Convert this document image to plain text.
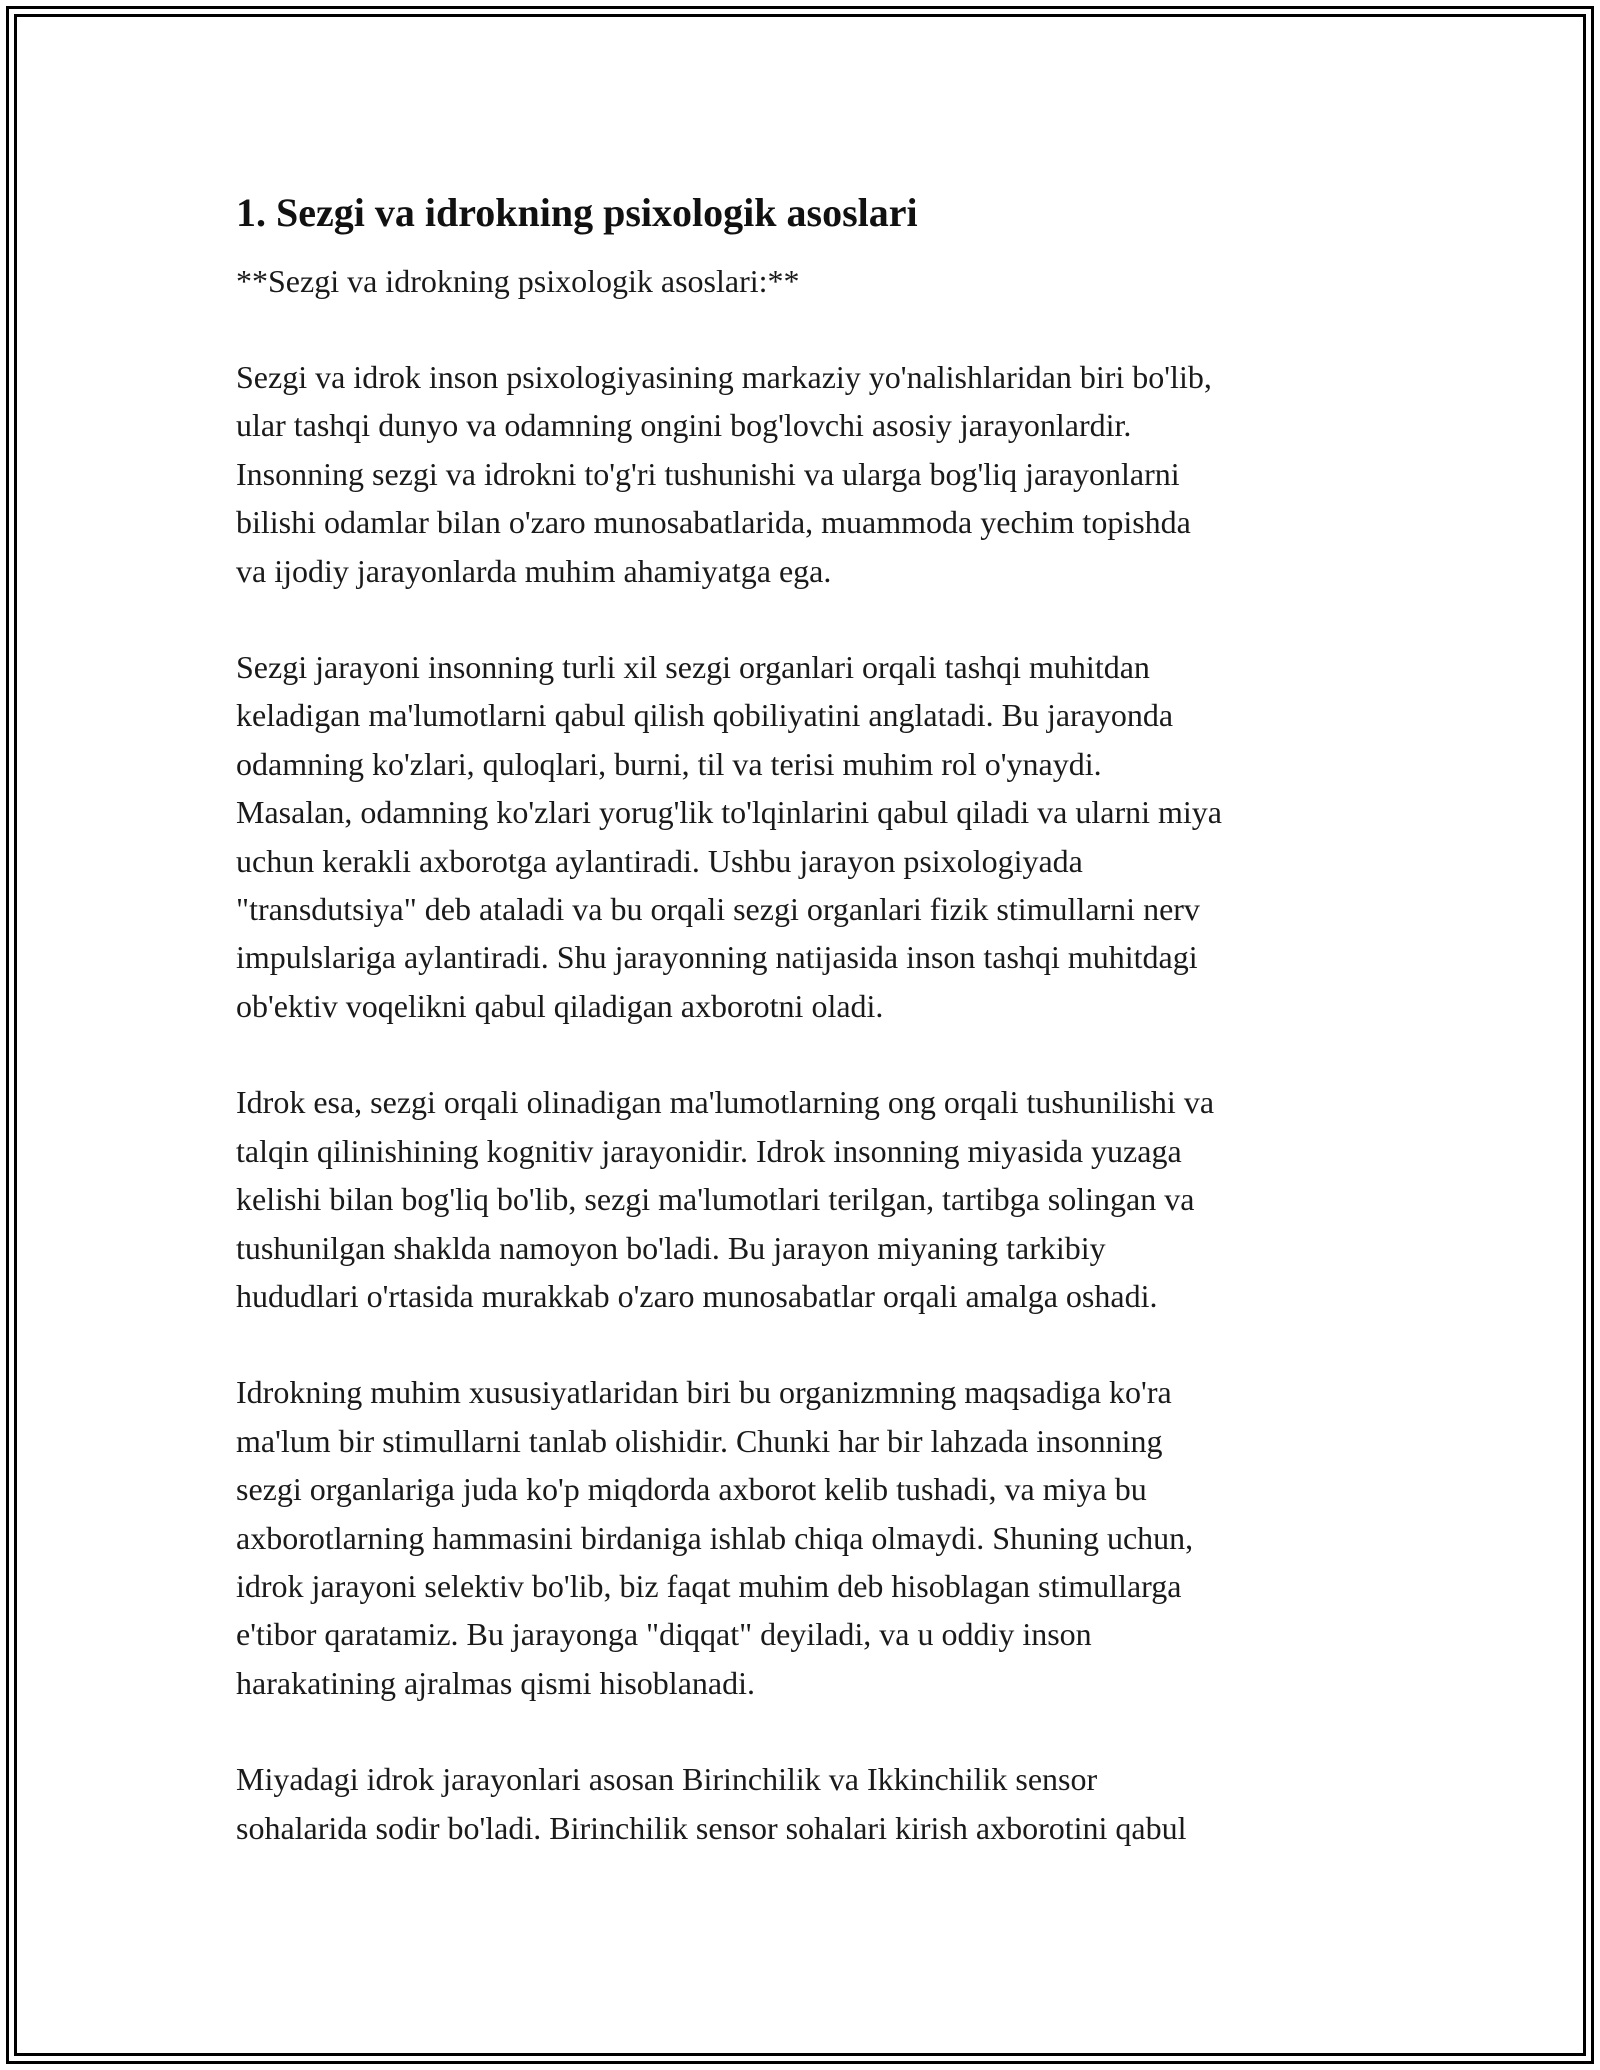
1. Sezgi va idrokning psixologik asoslari

**Sezgi va idrokning psixologik asoslari:**

Sezgi va idrok inson psixologiyasining markaziy yo'nalishlaridan biri bo'lib,
ular tashqi dunyo va odamning ongini bog'lovchi asosiy jarayonlardir.
Insonning sezgi va idrokni to'g'ri tushunishi va ularga bog'liq jarayonlarni
bilishi odamlar bilan o'zaro munosabatlarida, muammoda yechim topishda
va ijodiy jarayonlarda muhim ahamiyatga ega.

Sezgi jarayoni insonning turli xil sezgi organlari orqali tashqi muhitdan
keladigan ma'lumotlarni qabul qilish qobiliyatini anglatadi. Bu jarayonda
odamning ko'zlari, quloqlari, burni, til va terisi muhim rol o'ynaydi.
Masalan, odamning ko'zlari yorug'lik to'lqinlarini qabul qiladi va ularni miya
uchun kerakli axborotga aylantiradi. Ushbu jarayon psixologiyada
"transdutsiya" deb ataladi va bu orqali sezgi organlari fizik stimullarni nerv
impulslariga aylantiradi. Shu jarayonning natijasida inson tashqi muhitdagi
ob'ektiv voqelikni qabul qiladigan axborotni oladi.

Idrok esa, sezgi orqali olinadigan ma'lumotlarning ong orqali tushunilishi va
talqin qilinishining kognitiv jarayonidir. Idrok insonning miyasida yuzaga
kelishi bilan bog'liq bo'lib, sezgi ma'lumotlari terilgan, tartibga solingan va
tushunilgan shaklda namoyon bo'ladi. Bu jarayon miyaning tarkibiy
hududlari o'rtasida murakkab o'zaro munosabatlar orqali amalga oshadi.

Idrokning muhim xususiyatlaridan biri bu organizmning maqsadiga ko'ra
ma'lum bir stimullarni tanlab olishidir. Chunki har bir lahzada insonning
sezgi organlariga juda ko'p miqdorda axborot kelib tushadi, va miya bu
axborotlarning hammasini birdaniga ishlab chiqa olmaydi. Shuning uchun,
idrok jarayoni selektiv bo'lib, biz faqat muhim deb hisoblagan stimullarga
e'tibor qaratamiz. Bu jarayonga "diqqat" deyiladi, va u oddiy inson
harakatining ajralmas qismi hisoblanadi.

Miyadagi idrok jarayonlari asosan Birinchilik va Ikkinchilik sensor
sohalarida sodir bo'ladi. Birinchilik sensor sohalari kirish axborotini qabul
